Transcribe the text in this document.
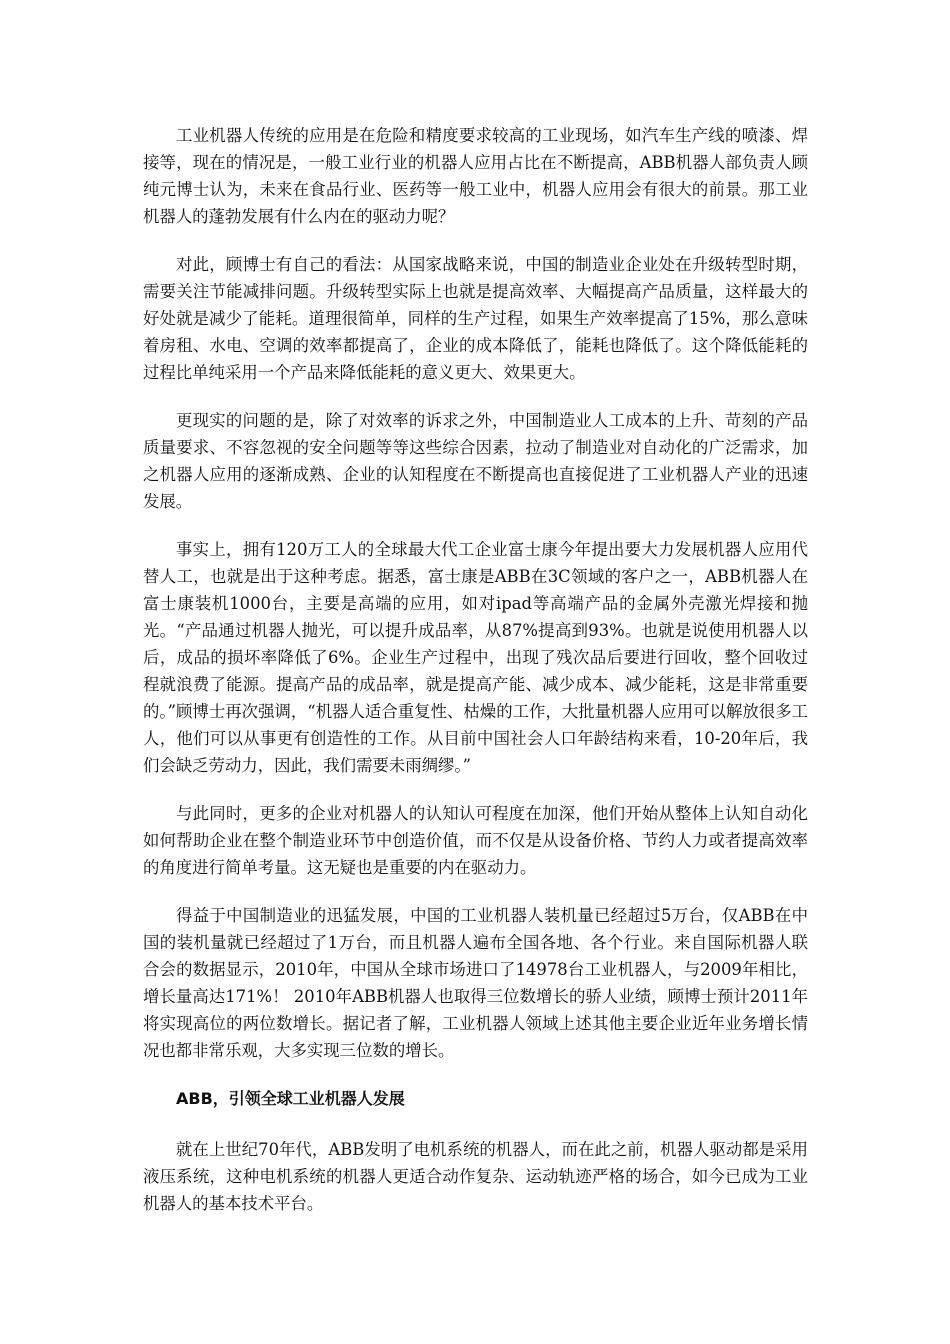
工业机器人传统的应用是在危险和精度要求较高的工业现场，如汽车生产线的喷漆、焊接等，现在的情况是，一般工业行业的机器人应用占比在不断提高，ABB机器人部负责人顾纯元博士认为，未来在食品行业、医药等一般工业中，机器人应用会有很大的前景。那工业机器人的蓬勃发展有什么内在的驱动力呢？

对此，顾博士有自己的看法：从国家战略来说，中国的制造业企业处在升级转型时期，需要关注节能减排问题。升级转型实际上也就是提高效率、大幅提高产品质量，这样最大的好处就是减少了能耗。道理很简单，同样的生产过程，如果生产效率提高了15%，那么意味着房租、水电、空调的效率都提高了，企业的成本降低了，能耗也降低了。这个降低能耗的过程比单纯采用一个产品来降低能耗的意义更大、效果更大。

更现实的问题的是，除了对效率的诉求之外，中国制造业人工成本的上升、苛刻的产品质量要求、不容忽视的安全问题等等这些综合因素，拉动了制造业对自动化的广泛需求，加之机器人应用的逐渐成熟、企业的认知程度在不断提高也直接促进了工业机器人产业的迅速发展。

事实上，拥有120万工人的全球最大代工企业富士康今年提出要大力发展机器人应用代替人工，也就是出于这种考虑。据悉，富士康是ABB在3C领域的客户之一，ABB机器人在富士康装机1000台，主要是高端的应用，如对ipad等高端产品的金属外壳激光焊接和抛光。“产品通过机器人抛光，可以提升成品率，从87%提高到93%。也就是说使用机器人以后，成品的损坏率降低了6%。企业生产过程中，出现了残次品后要进行回收，整个回收过程就浪费了能源。提高产品的成品率，就是提高产能、减少成本、减少能耗，这是非常重要的。”顾博士再次强调，“机器人适合重复性、枯燥的工作，大批量机器人应用可以解放很多工人，他们可以从事更有创造性的工作。从目前中国社会人口年龄结构来看，10-20年后，我们会缺乏劳动力，因此，我们需要未雨绸缪。”

与此同时，更多的企业对机器人的认知认可程度在加深，他们开始从整体上认知自动化如何帮助企业在整个制造业环节中创造价值，而不仅是从设备价格、节约人力或者提高效率的角度进行简单考量。这无疑也是重要的内在驱动力。

得益于中国制造业的迅猛发展，中国的工业机器人装机量已经超过5万台，仅ABB在中国的装机量就已经超过了1万台，而且机器人遍布全国各地、各个行业。来自国际机器人联合会的数据显示，2010年，中国从全球市场进口了14978台工业机器人，与2009年相比，增长量高达171%！ 2010年ABB机器人也取得三位数增长的骄人业绩，顾博士预计2011年将实现高位的两位数增长。据记者了解，工业机器人领域上述其他主要企业近年业务增长情况也都非常乐观，大多实现三位数的增长。

ABB，引领全球工业机器人发展

就在上世纪70年代，ABB发明了电机系统的机器人，而在此之前，机器人驱动都是采用液压系统，这种电机系统的机器人更适合动作复杂、运动轨迹严格的场合，如今已成为工业机器人的基本技术平台。
